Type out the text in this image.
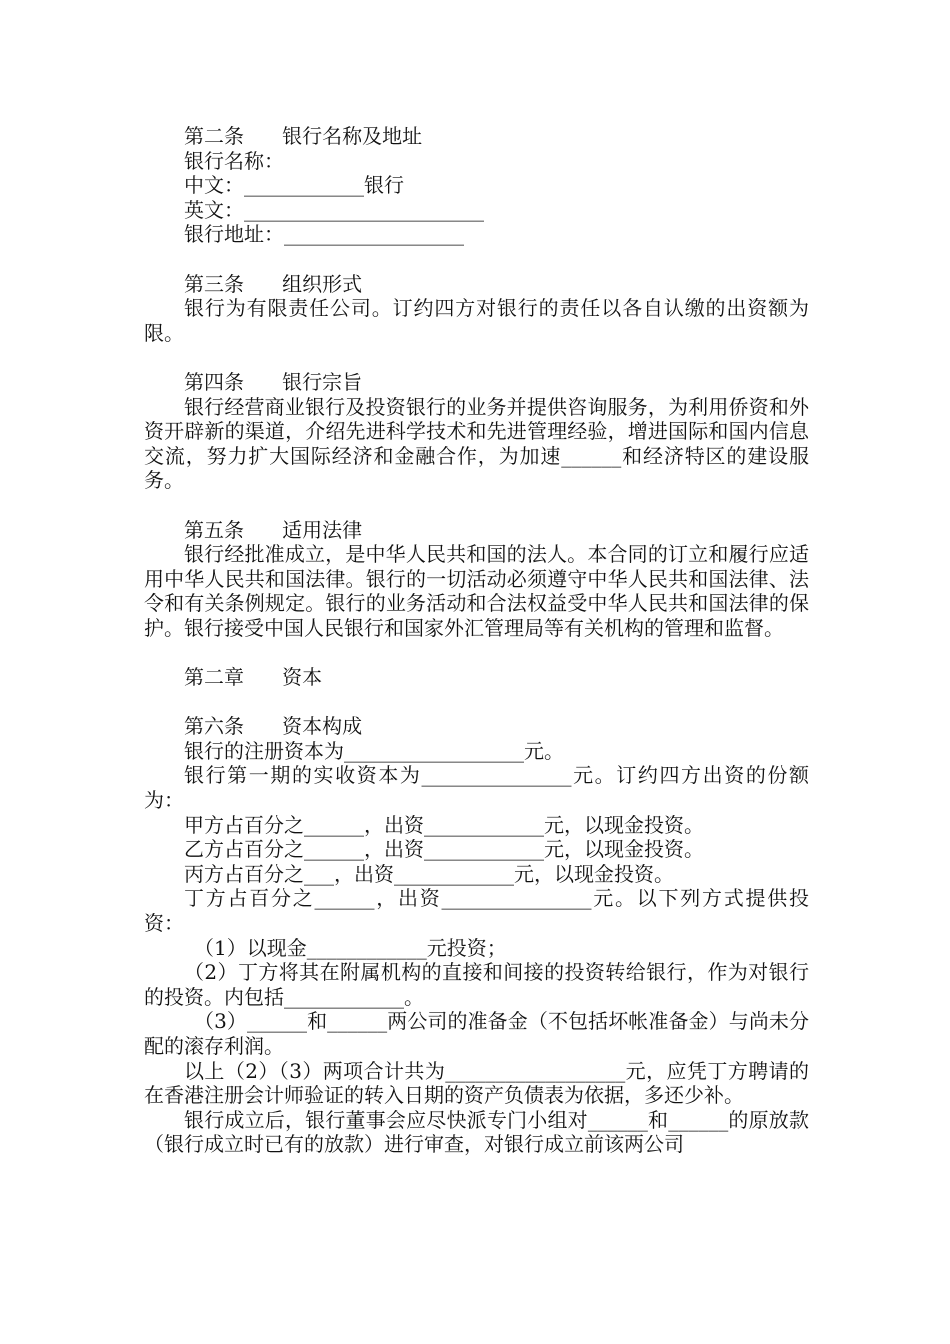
第二条      银行名称及地址

银行名称：

中文：____________银行

英文：________________________

银行地址：__________________

第三条      组织形式

银行为有限责任公司。订约四方对银行的责任以各自认缴的出资额为限。

第四条      银行宗旨

银行经营商业银行及投资银行的业务并提供咨询服务，为利用侨资和外资开辟新的渠道，介绍先进科学技术和先进管理经验，增进国际和国内信息交流，努力扩大国际经济和金融合作，为加速______和经济特区的建设服务。

第五条      适用法律

银行经批准成立，是中华人民共和国的法人。本合同的订立和履行应适用中华人民共和国法律。银行的一切活动必须遵守中华人民共和国法律、法令和有关条例规定。银行的业务活动和合法权益受中华人民共和国法律的保护。银行接受中国人民银行和国家外汇管理局等有关机构的管理和监督。

第二章      资本
第六条      资本构成

银行的注册资本为__________________元。

银行第一期的实收资本为_______________元。订约四方出资的份额为：

甲方占百分之______，出资____________元，以现金投资。

乙方占百分之______，出资____________元，以现金投资。

丙方占百分之___，出资____________元，以现金投资。

丁方占百分之______，出资_______________元。以下列方式提供投资：

（1）以现金____________元投资；

（2）丁方将其在附属机构的直接和间接的投资转给银行，作为对银行的投资。内包括____________。

（3）______和______两公司的准备金（不包括坏帐准备金）与尚未分配的滚存利润。

以上（2）（3）两项合计共为__________________元，应凭丁方聘请的在香港注册会计师验证的转入日期的资产负债表为依据，多还少补。

银行成立后，银行董事会应尽快派专门小组对______和______的原放款（银行成立时已有的放款）进行审查，对银行成立前该两公司
